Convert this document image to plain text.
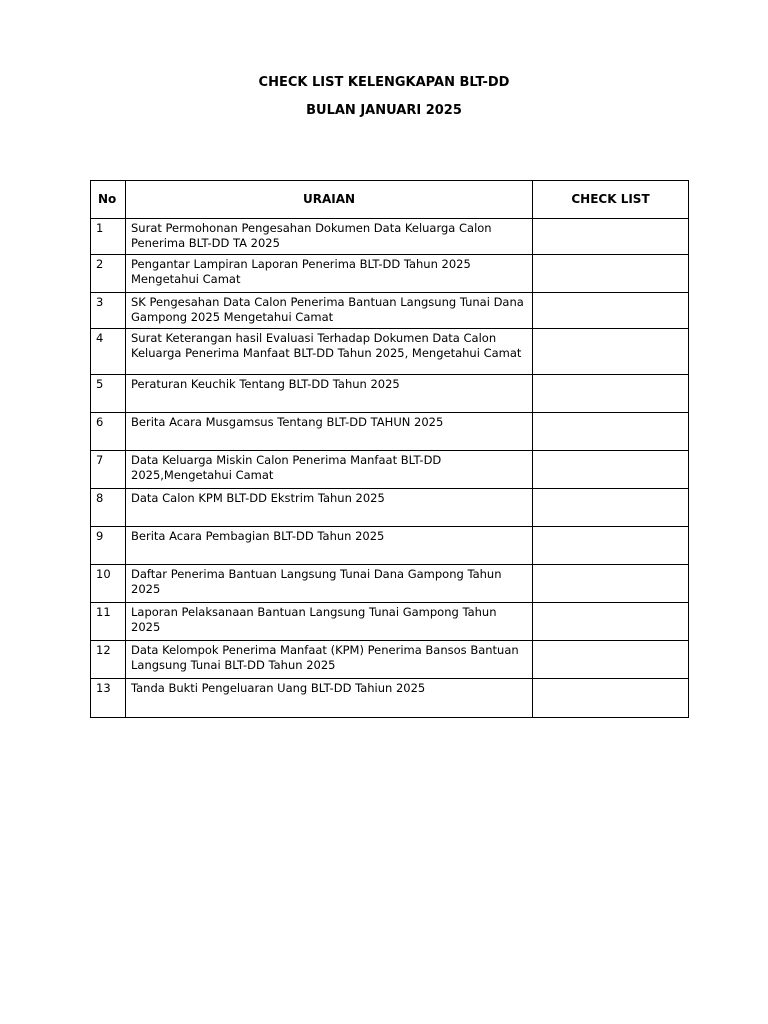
CHECK LIST KELENGKAPAN BLT-DD
BULAN JANUARI 2025
No	URAIAN	CHECK LIST
1	Surat Permohonan Pengesahan Dokumen Data Keluarga Calon Penerima BLT-DD TA 2025	
2	Pengantar Lampiran Laporan Penerima BLT-DD Tahun 2025 Mengetahui Camat	
3	SK Pengesahan Data Calon Penerima Bantuan Langsung Tunai Dana Gampong 2025 Mengetahui Camat	
4	Surat Keterangan hasil Evaluasi Terhadap Dokumen Data Calon Keluarga Penerima Manfaat BLT-DD Tahun 2025, Mengetahui Camat	
5	Peraturan Keuchik Tentang BLT-DD Tahun 2025	
6	Berita Acara Musgamsus Tentang BLT-DD TAHUN 2025	
7	Data Keluarga Miskin Calon Penerima Manfaat BLT-DD 2025,Mengetahui Camat	
8	Data Calon KPM BLT-DD Ekstrim Tahun 2025	
9	Berita Acara Pembagian BLT-DD Tahun 2025	
10	Daftar Penerima Bantuan Langsung Tunai Dana Gampong Tahun 2025	
11	Laporan Pelaksanaan Bantuan Langsung Tunai Gampong Tahun 2025	
12	Data Kelompok Penerima Manfaat (KPM) Penerima Bansos Bantuan Langsung Tunai BLT-DD Tahun 2025	
13	Tanda Bukti Pengeluaran Uang BLT-DD Tahiun 2025	
